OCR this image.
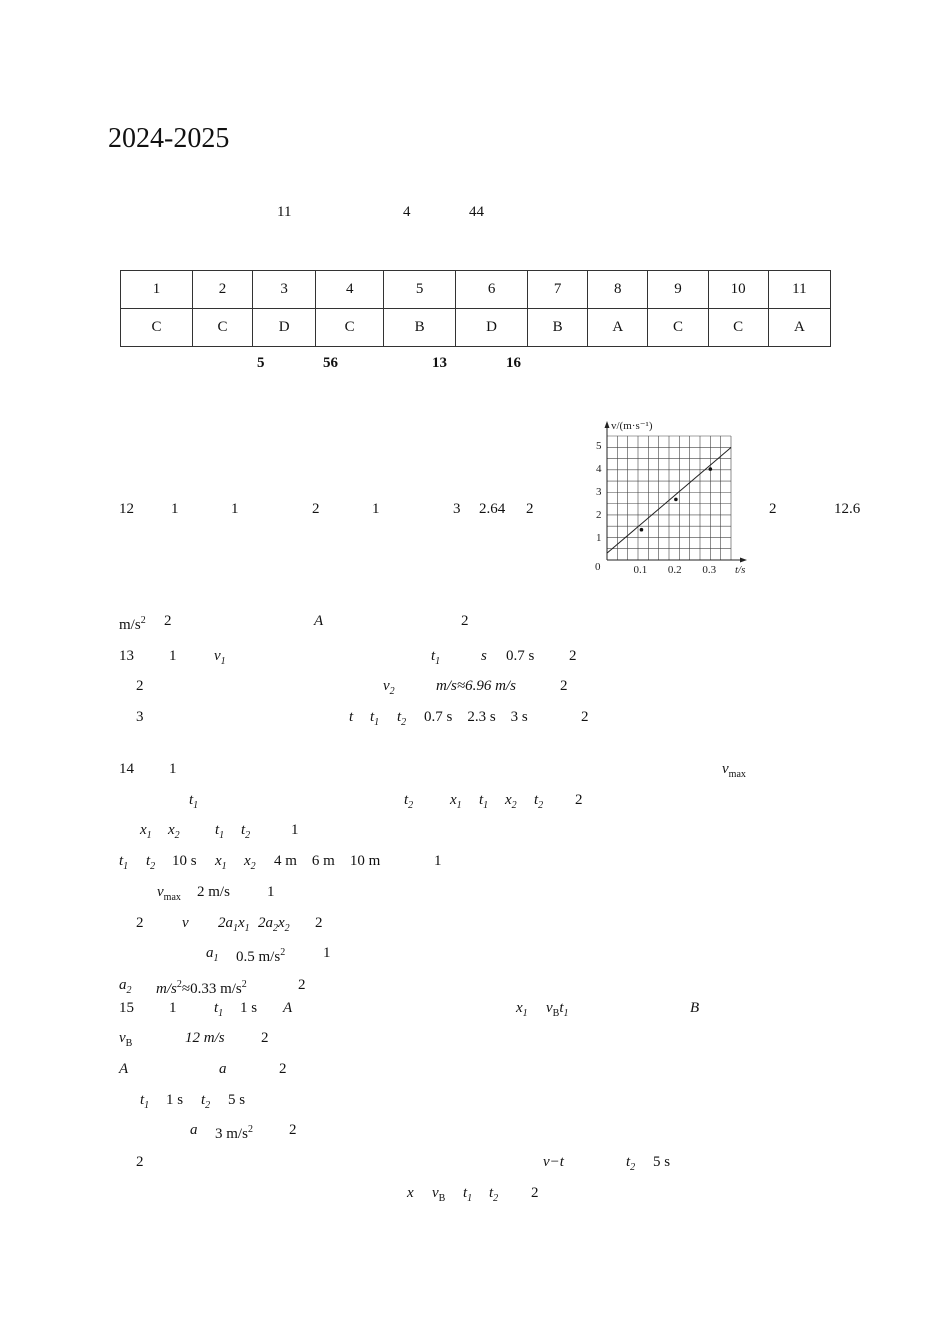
2024-2025
11	4	44
1	2	3	4	5	6	7	8	9	10	11
C	C	D	C	B	D	B	A	C	C	A
5	56	13	16
12 1	1	2	1	3 2.64 2	2	12.6
v/(m·s⁻¹)
t/s
0	0.1 0.2 0.3
1
2
3
4
5
$m/s^2$ 2	A	2
13 1	$v_1$	$t_1$	s 0.7 s 2
2	$v_2$	m/s≈6.96 m/s	2
3	t $t_1$ $t_2$ 0.7 s    2.3 s    3 s	2
14 1	$v_{max}$
$t_1$	$t_2$ $x_1$ $t_1$ $x_2$ $t_2$ 2
$x_1$ $x_2$ $t_1$ $t_2$	1
$t_1$ $t_2$ 10 s $x_1$ $x_2$ 4 m    6 m    10 m	1
$v_{max}$ 2 m/s 1
2	v $2a_1x_1$ $2a_2x_2$ 2
$a_1$ 0.5 $m/s^2$	1
$a_2$ $m/s^2\approx 0.33$ $m/s^2$	2
15 1	$t_1$ 1 s A	$x_1$ $v_Bt_1$	B
$v_B$	12 m/s 2
A	a	2
$t_1$ 1 s $t_2$ 5 s
a 3 $m/s^2$ 2
2	v−t	$t_2$ 5 s
x $v_B$ $t_1$ $t_2$ 2
